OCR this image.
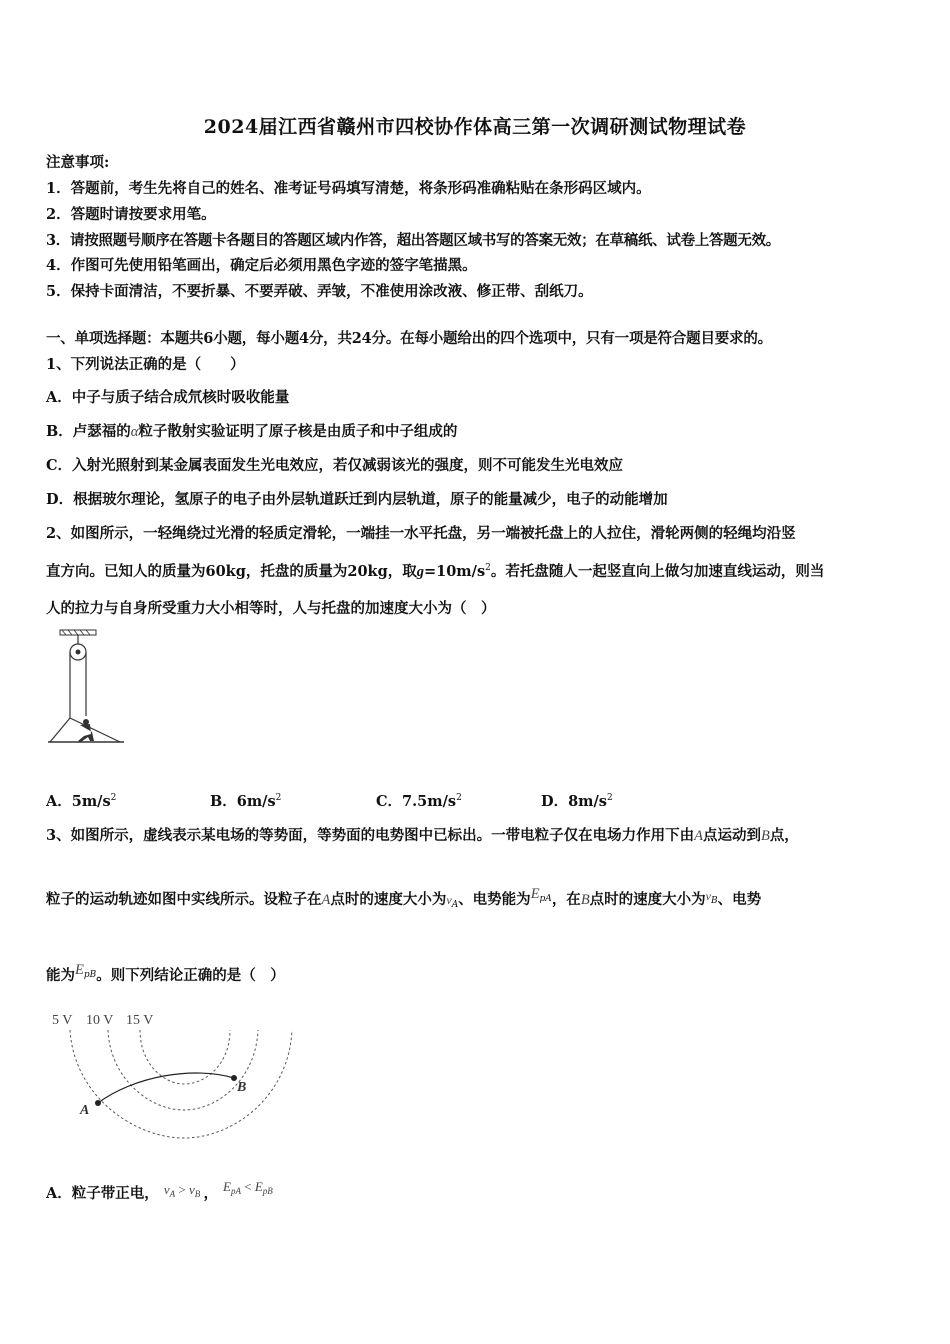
2024届江西省赣州市四校协作体高三第一次调研测试物理试卷
注意事项:
1．答题前，考生先将自己的姓名、准考证号码填写清楚，将条形码准确粘贴在条形码区域内。
2．答题时请按要求用笔。
3．请按照题号顺序在答题卡各题目的答题区域内作答，超出答题区域书写的答案无效；在草稿纸、试卷上答题无效。
4．作图可先使用铅笔画出，确定后必须用黑色字迹的签字笔描黑。
5．保持卡面清洁，不要折暴、不要弄破、弄皱，不准使用涂改液、修正带、刮纸刀。
一、单项选择题：本题共6小题，每小题4分，共24分。在每小题给出的四个选项中，只有一项是符合题目要求的。
1、下列说法正确的是（　　）
A．中子与质子结合成氘核时吸收能量
B．卢瑟福的α粒子散射实验证明了原子核是由质子和中子组成的
C．入射光照射到某金属表面发生光电效应，若仅减弱该光的强度，则不可能发生光电效应
D．根据玻尔理论，氢原子的电子由外层轨道跃迁到内层轨道，原子的能量减少，电子的动能增加
2、如图所示，一轻绳绕过光滑的轻质定滑轮，一端挂一水平托盘，另一端被托盘上的人拉住，滑轮两侧的轻绳均沿竖
直方向。已知人的质量为60kg，托盘的质量为20kg，取$g=10m/s^2$。若托盘随人一起竖直向上做匀加速直线运动，则当
人的拉力与自身所受重力大小相等时，人与托盘的加速度大小为（　）
A．$5m/s^2$	B．$6m/s^2$	C．$7.5m/s^2$	D．$8m/s^2$
3、如图所示，虚线表示某电场的等势面，等势面的电势图中已标出。一带电粒子仅在电场力作用下由A点运动到B点，
粒子的运动轨迹如图中实线所示。设粒子在A点时的速度大小为$v_A$、电势能为$E^{pA}$，在B点时的速度大小为$^v$B、电势
能为$E^{pB}$。则下列结论正确的是（　）
5 V 10 V 15 V
A
B
A．粒子带正电， $v_A > v_B$ ， $E_{pA} < E_{pB}$
